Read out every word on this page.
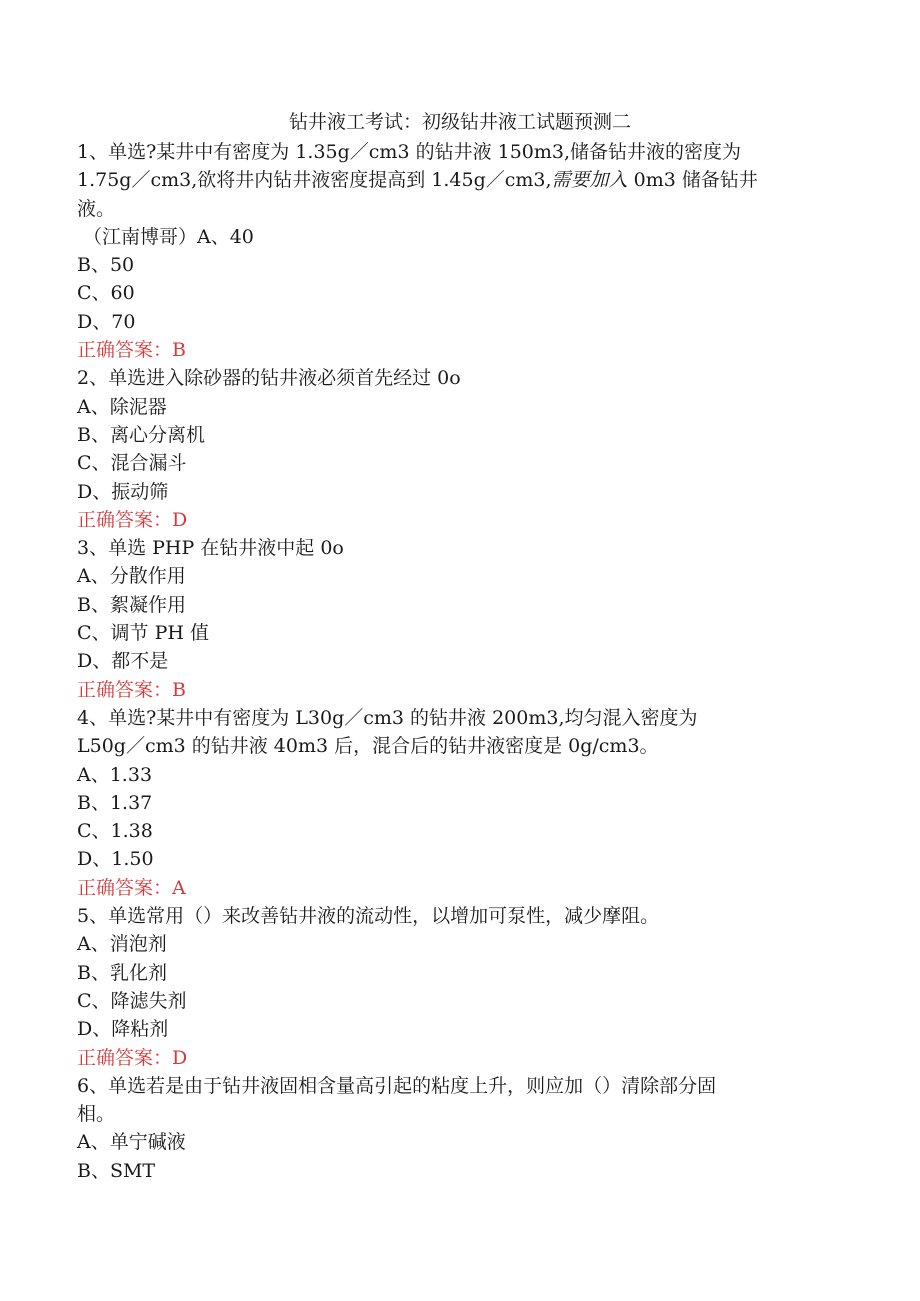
钻井液工考试：初级钻井液工试题预测二
1、单选?某井中有密度为 1.35g／cm3 的钻井液 150m3,储备钻井液的密度为
1.75g／cm3,欲将井内钻井液密度提高到 1.45g／cm3,需要加入 0m3 储备钻井
液。
（江南博哥）A、40
B、50
C、60
D、70
正确答案：B
2、单选进入除砂器的钻井液必须首先经过 0o
A、除泥器
B、离心分离机
C、混合漏斗
D、振动筛
正确答案：D
3、单选 PHP 在钻井液中起 0o
A、分散作用
B、絮凝作用
C、调节 PH 值
D、都不是
正确答案：B
4、单选?某井中有密度为 L30g／cm3 的钻井液 200m3,均匀混入密度为
L50g／cm3 的钻井液 40m3 后，混合后的钻井液密度是 0g/cm3。
A、1.33
B、1.37
C、1.38
D、1.50
正确答案：A
5、单选常用（）来改善钻井液的流动性，以增加可泵性，减少摩阻。
A、消泡剂
B、乳化剂
C、降滤失剂
D、降粘剂
正确答案：D
6、单选若是由于钻井液固相含量高引起的粘度上升，则应加（）清除部分固
相。
A、单宁碱液
B、SMT
